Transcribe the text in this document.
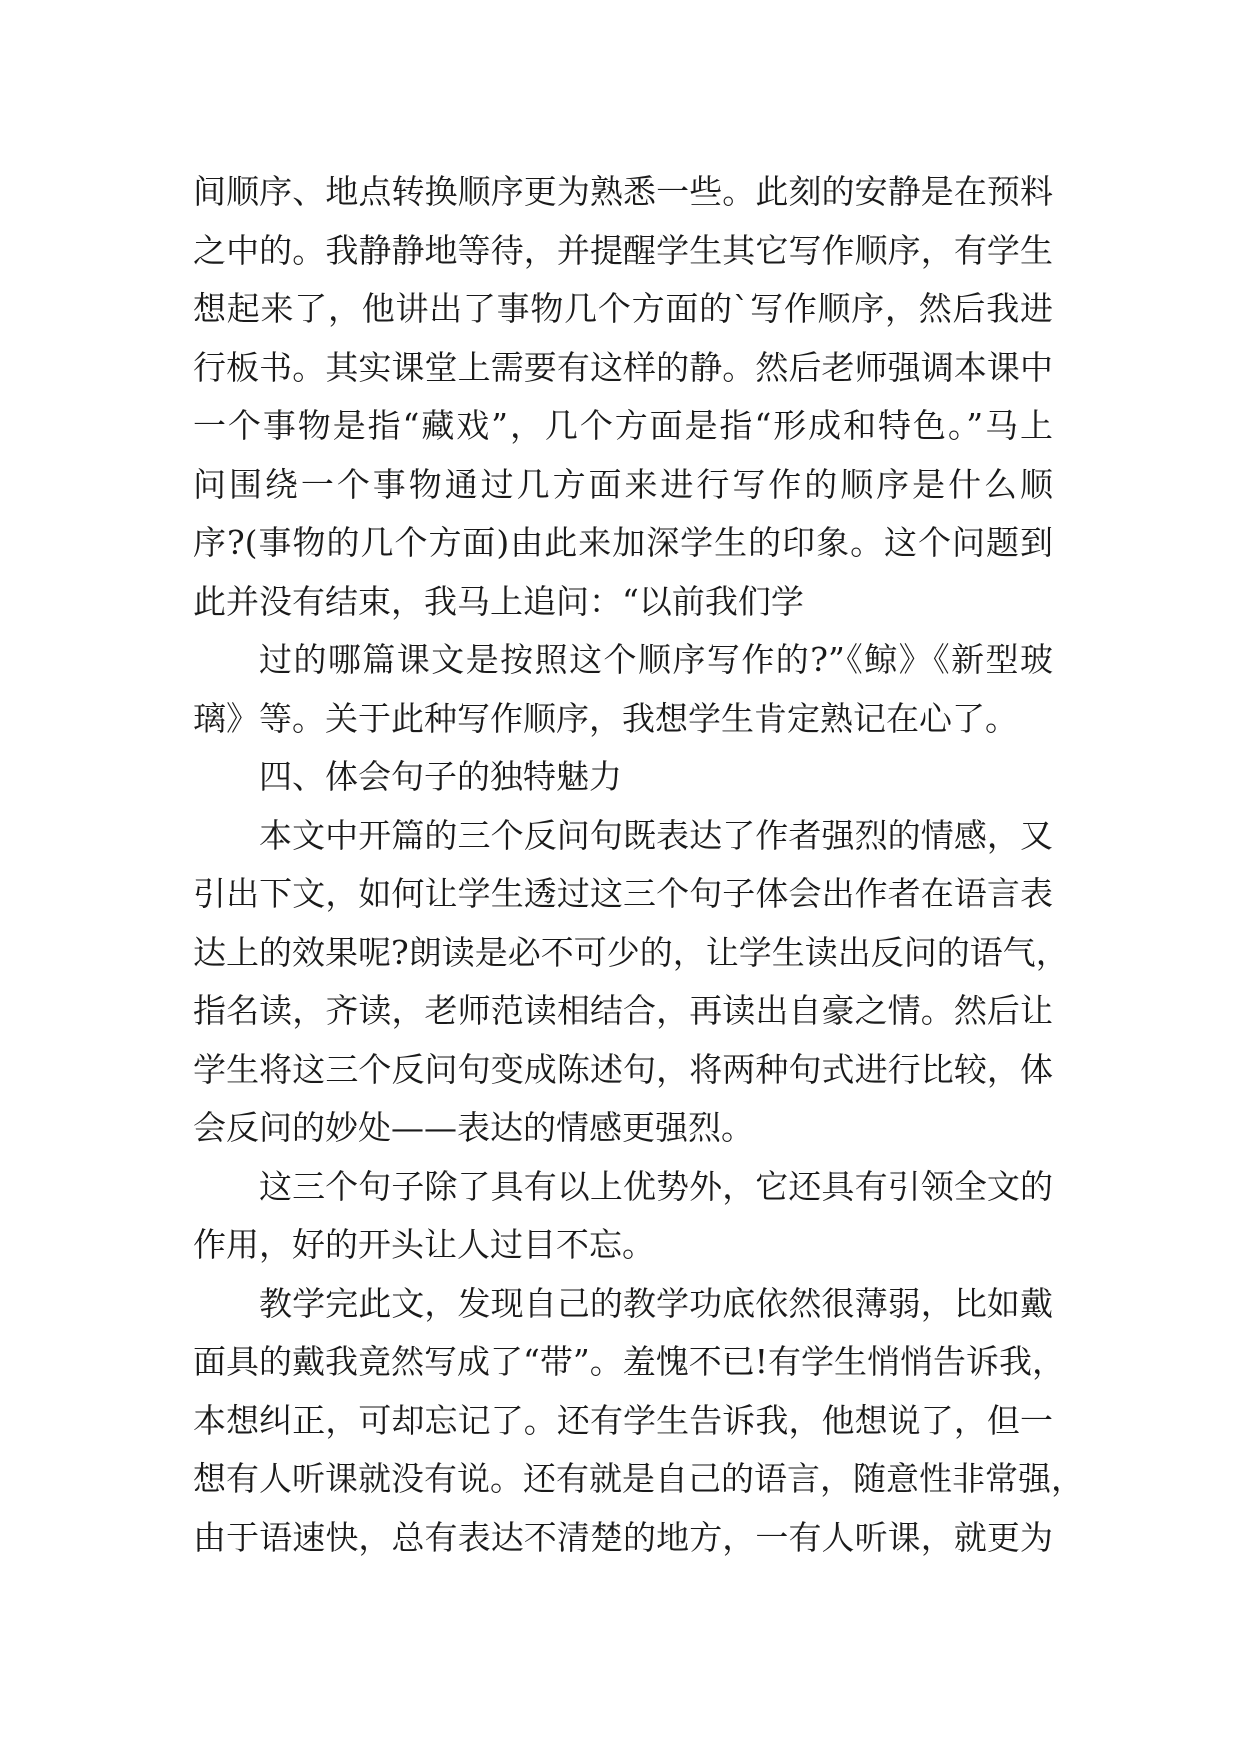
间顺序、地点转换顺序更为熟悉一些。此刻的安静是在预料
之中的。我静静地等待，并提醒学生其它写作顺序，有学生
想起来了，他讲出了事物几个方面的`写作顺序，然后我进
行板书。其实课堂上需要有这样的静。然后老师强调本课中
一个事物是指“藏戏”，几个方面是指“形成和特色。”马上
问围绕一个事物通过几方面来进行写作的顺序是什么顺
序?(事物的几个方面)由此来加深学生的印象。这个问题到
此并没有结束，我马上追问：“以前我们学
过的哪篇课文是按照这个顺序写作的?”《鲸》《新型玻
璃》等。关于此种写作顺序，我想学生肯定熟记在心了。
四、体会句子的独特魅力
本文中开篇的三个反问句既表达了作者强烈的情感，又
引出下文，如何让学生透过这三个句子体会出作者在语言表
达上的效果呢?朗读是必不可少的，让学生读出反问的语气，
指名读，齐读，老师范读相结合，再读出自豪之情。然后让
学生将这三个反问句变成陈述句，将两种句式进行比较，体
会反问的妙处——表达的情感更强烈。
这三个句子除了具有以上优势外，它还具有引领全文的
作用，好的开头让人过目不忘。
教学完此文，发现自己的教学功底依然很薄弱，比如戴
面具的戴我竟然写成了“带”。羞愧不已!有学生悄悄告诉我，
本想纠正，可却忘记了。还有学生告诉我，他想说了，但一
想有人听课就没有说。还有就是自己的语言，随意性非常强，
由于语速快，总有表达不清楚的地方，一有人听课，就更为
